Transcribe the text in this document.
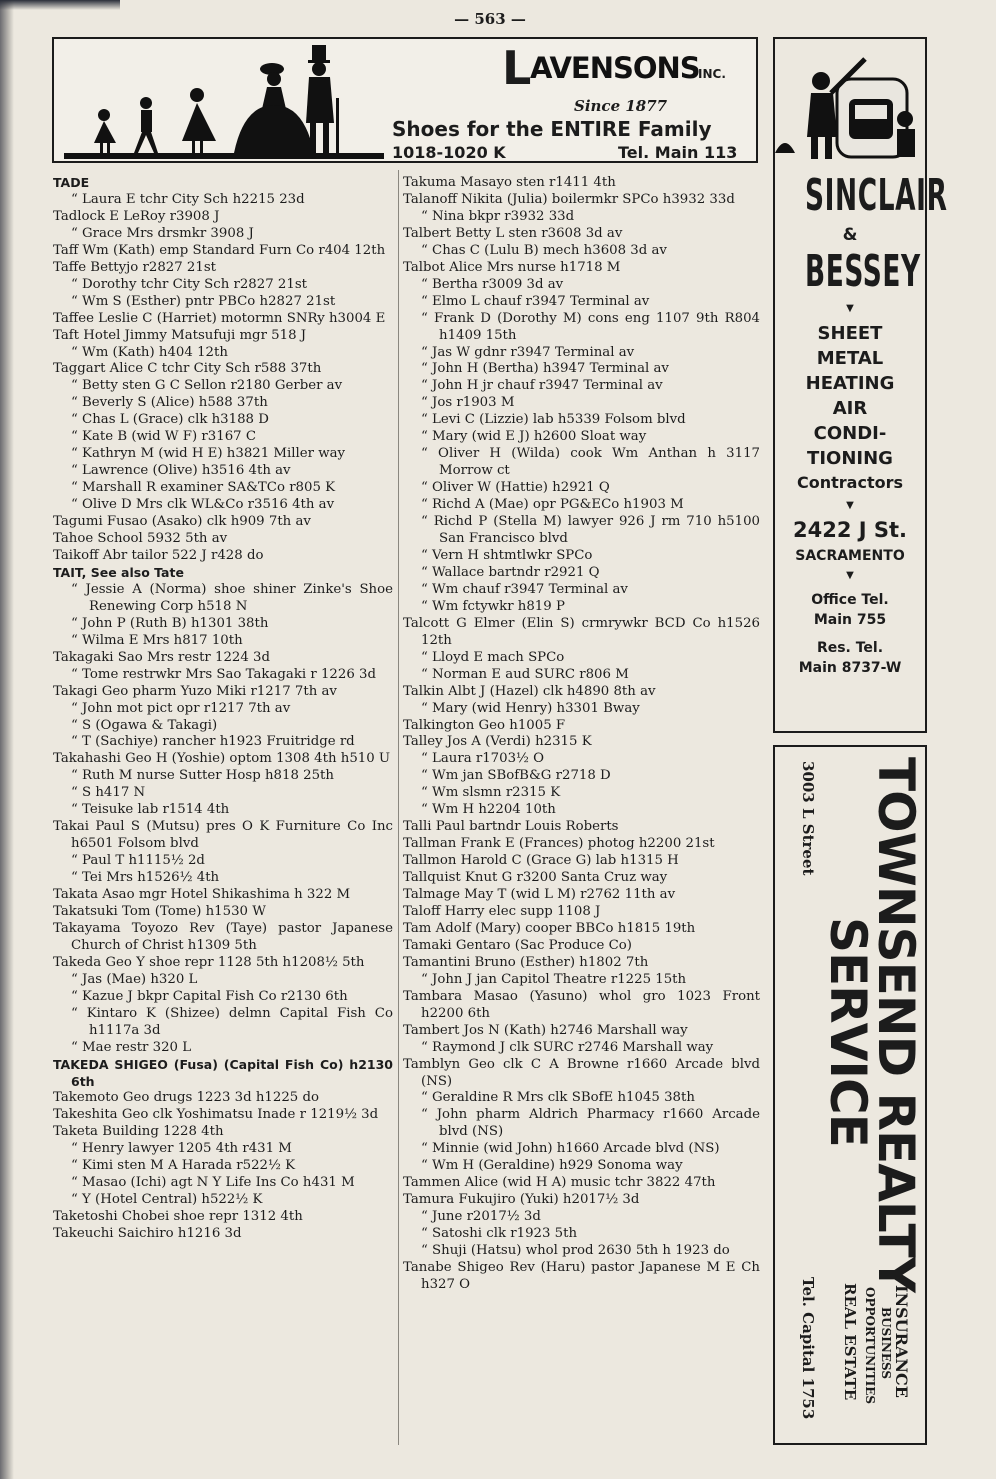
— 563 —
L
AVENSONS
INC.
Since 1877
Shoes for the ENTIRE Family
1018-1020 K	Tel. Main 113

TADE

“ Laura E tchr City Sch h2215 23d

Tadlock E LeRoy r3908 J

“ Grace Mrs drsmkr 3908 J

Taff Wm (Kath) emp Standard Furn Co r404 12th

Taffe Bettyjo r2827 21st

“ Dorothy tchr City Sch r2827 21st

“ Wm S (Esther) pntr PBCo h2827 21st

Taffee Leslie C (Harriet) motormn SNRy h3004 E

Taft Hotel Jimmy Matsufuji mgr 518 J

“ Wm (Kath) h404 12th

Taggart Alice C tchr City Sch r588 37th

“ Betty sten G C Sellon r2180 Gerber av

“ Beverly S (Alice) h588 37th

“ Chas L (Grace) clk h3188 D

“ Kate B (wid W F) r3167 C

“ Kathryn M (wid H E) h3821 Miller way

“ Lawrence (Olive) h3516 4th av

“ Marshall R examiner SA&TCo r805 K

“ Olive D Mrs clk WL&Co r3516 4th av

Tagumi Fusao (Asako) clk h909 7th av

Tahoe School 5932 5th av

Taikoff Abr tailor 522 J r428 do

TAIT, See also Tate

“ Jessie A (Norma) shoe shiner Zinke's Shoe Renewing Corp h518 N

“ John P (Ruth B) h1301 38th

“ Wilma E Mrs h817 10th

Takagaki Sao Mrs restr 1224 3d

“ Tome restrwkr Mrs Sao Takagaki r 1226 3d

Takagi Geo pharm Yuzo Miki r1217 7th av

“ John mot pict opr r1217 7th av

“ S (Ogawa & Takagi)

“ T (Sachiye) rancher h1923 Fruitridge rd

Takahashi Geo H (Yoshie) optom 1308 4th h510 U

“ Ruth M nurse Sutter Hosp h818 25th

“ S h417 N

“ Teisuke lab r1514 4th

Takai Paul S (Mutsu) pres O K Furniture Co Inc h6501 Folsom blvd

“ Paul T h1115½ 2d

“ Tei Mrs h1526½ 4th

Takata Asao mgr Hotel Shikashima h 322 M

Takatsuki Tom (Tome) h1530 W

Takayama Toyozo Rev (Taye) pastor Japanese Church of Christ h1309 5th

Takeda Geo Y shoe repr 1128 5th h1208½ 5th

“ Jas (Mae) h320 L

“ Kazue J bkpr Capital Fish Co r2130 6th

“ Kintaro K (Shizee) delmn Capital Fish Co h1117a 3d

“ Mae restr 320 L

TAKEDA SHIGEO (Fusa) (Capital Fish Co) h2130 6th

Takemoto Geo drugs 1223 3d h1225 do

Takeshita Geo clk Yoshimatsu Inade r 1219½ 3d

Taketa Building 1228 4th

“ Henry lawyer 1205 4th r431 M

“ Kimi sten M A Harada r522½ K

“ Masao (Ichi) agt N Y Life Ins Co h431 M

“ Y (Hotel Central) h522½ K

Taketoshi Chobei shoe repr 1312 4th

Takeuchi Saichiro h1216 3d

Takuma Masayo sten r1411 4th

Talanoff Nikita (Julia) boilermkr SPCo h3932 33d

“ Nina bkpr r3932 33d

Talbert Betty L sten r3608 3d av

“ Chas C (Lulu B) mech h3608 3d av

Talbot Alice Mrs nurse h1718 M

“ Bertha r3009 3d av

“ Elmo L chauf r3947 Terminal av

“ Frank D (Dorothy M) cons eng 1107 9th R804 h1409 15th

“ Jas W gdnr r3947 Terminal av

“ John H (Bertha) h3947 Terminal av

“ John H jr chauf r3947 Terminal av

“ Jos r1903 M

“ Levi C (Lizzie) lab h5339 Folsom blvd

“ Mary (wid E J) h2600 Sloat way

“ Oliver H (Wilda) cook Wm Anthan h 3117 Morrow ct

“ Oliver W (Hattie) h2921 Q

“ Richd A (Mae) opr PG&ECo h1903 M

“ Richd P (Stella M) lawyer 926 J rm 710 h5100 San Francisco blvd

“ Vern H shtmtlwkr SPCo

“ Wallace bartndr r2921 Q

“ Wm chauf r3947 Terminal av

“ Wm fctywkr h819 P

Talcott G Elmer (Elin S) crmrywkr BCD Co h1526 12th

“ Lloyd E mach SPCo

“ Norman E aud SURC r806 M

Talkin Albt J (Hazel) clk h4890 8th av

“ Mary (wid Henry) h3301 Bway

Talkington Geo h1005 F

Talley Jos A (Verdi) h2315 K

“ Laura r1703½ O

“ Wm jan SBofB&G r2718 D

“ Wm slsmn r2315 K

“ Wm H h2204 10th

Talli Paul bartndr Louis Roberts

Tallman Frank E (Frances) photog h2200 21st

Tallmon Harold C (Grace G) lab h1315 H

Tallquist Knut G r3200 Santa Cruz way

Talmage May T (wid L M) r2762 11th av

Taloff Harry elec supp 1108 J

Tam Adolf (Mary) cooper BBCo h1815 19th

Tamaki Gentaro (Sac Produce Co)

Tamantini Bruno (Esther) h1802 7th

“ John J jan Capitol Theatre r1225 15th

Tambara Masao (Yasuno) whol gro 1023 Front h2200 6th

Tambert Jos N (Kath) h2746 Marshall way

“ Raymond J clk SURC r2746 Marshall way

Tamblyn Geo clk C A Browne r1660 Arcade blvd (NS)

“ Geraldine R Mrs clk SBofE h1045 38th

“ John pharm Aldrich Pharmacy r1660 Arcade blvd (NS)

“ Minnie (wid John) h1660 Arcade blvd (NS)

“ Wm H (Geraldine) h929 Sonoma way

Tammen Alice (wid H A) music tchr 3822 47th

Tamura Fukujiro (Yuki) h2017½ 3d

“ June r2017½ 3d

“ Satoshi clk r1923 5th

“ Shuji (Hatsu) whol prod 2630 5th h 1923 do

Tanabe Shigeo Rev (Haru) pastor Japanese M E Ch h327 O

SINCLAIR
&
BESSEY
▼
SHEET
METAL
HEATING
AIR
CONDI-
TIONING
Contractors
▼
2422 J St.
SACRAMENTO
▼
Office Tel.
Main 755
Res. Tel.
Main 8737-W
3003 L Street TOWNSEND REALTY
SERVICE
INSURANCE
BUSINESS
OPPORTUNITIES
REAL ESTATE
Tel. Capital 1753
